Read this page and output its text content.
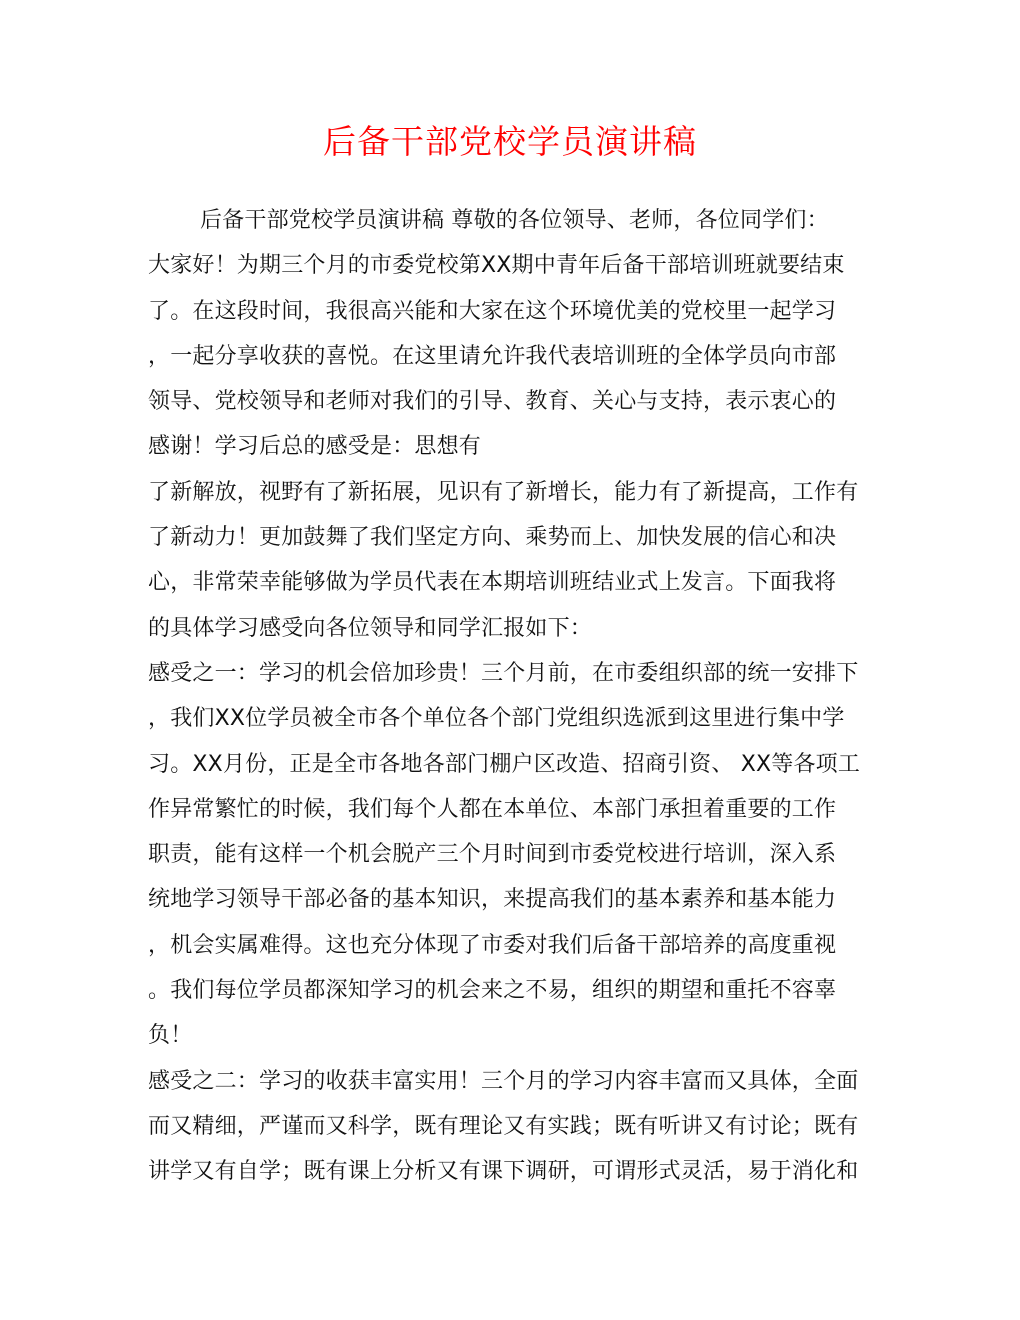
后备干部党校学员演讲稿
后备干部党校学员演讲稿 尊敬的各位领导、老师，各位同学们：
大家好！为期三个月的市委党校第XX期中青年后备干部培训班就要结束
了。在这段时间，我很高兴能和大家在这个环境优美的党校里一起学习
，一起分享收获的喜悦。在这里请允许我代表培训班的全体学员向市部
领导、党校领导和老师对我们的引导、教育、关心与支持，表示衷心的
感谢！学习后总的感受是：思想有
了新解放，视野有了新拓展，见识有了新增长，能力有了新提高，工作有
了新动力！更加鼓舞了我们坚定方向、乘势而上、加快发展的信心和决
心，非常荣幸能够做为学员代表在本期培训班结业式上发言。下面我将
的具体学习感受向各位领导和同学汇报如下：
感受之一：学习的机会倍加珍贵！三个月前，在市委组织部的统一安排下
，我们XX位学员被全市各个单位各个部门党组织选派到这里进行集中学
习。XX月份，正是全市各地各部门棚户区改造、招商引资、 XX等各项工
作异常繁忙的时候，我们每个人都在本单位、本部门承担着重要的工作
职责，能有这样一个机会脱产三个月时间到市委党校进行培训，深入系
统地学习领导干部必备的基本知识，来提高我们的基本素养和基本能力
，机会实属难得。这也充分体现了市委对我们后备干部培养的高度重视
。我们每位学员都深知学习的机会来之不易，组织的期望和重托不容辜
负！
感受之二：学习的收获丰富实用！三个月的学习内容丰富而又具体，全面
而又精细，严谨而又科学，既有理论又有实践；既有听讲又有讨论；既有
讲学又有自学；既有课上分析又有课下调研，可谓形式灵活，易于消化和
